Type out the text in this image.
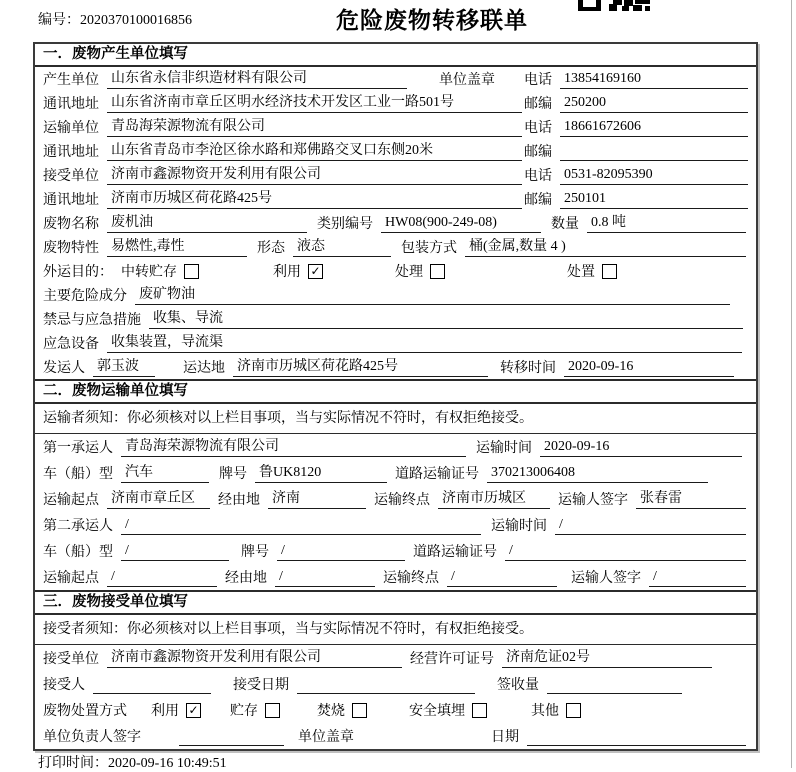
编号：2020370100016856	危险废物转移联单
一．废物产生单位填写
产生单位 山东省永信非织造材料有限公司	单位盖章 电话 13854169160
通讯地址 山东省济南市章丘区明水经济技术开发区工业一路501号	邮编 250200
运输单位 青岛海荣源物流有限公司	电话 18661672606
通讯地址 山东省青岛市李沧区徐水路和郑佛路交叉口东侧20米	邮编
接受单位 济南市鑫源物资开发利用有限公司	电话 0531-82095390
通讯地址 济南市历城区荷花路425号	邮编 250101
废物名称 废机油	类别编号 HW08(900-249-08)	数量 0.8 吨
废物特性 易燃性,毒性	形态 液态	包装方式 桶(金属,数量 4 )
外运目的： 中转贮存	利用 ✓	处理	处置
主要危险成分 废矿物油
禁忌与应急措施 收集、导流
应急设备 收集装置，导流渠
发运人 郭玉波	运达地 济南市历城区荷花路425号	转移时间 2020-09-16
二．废物运输单位填写
运输者须知：你必须核对以上栏目事项，当与实际情况不符时，有权拒绝接受。
第一承运人 青岛海荣源物流有限公司	运输时间 2020-09-16
车（船）型 汽车	牌号 鲁UK8120	道路运输证号 370213006408
运输起点 济南市章丘区	经由地 济南	运输终点 济南市历城区	运输人签字 张春雷
第二承运人 /	运输时间 /
车（船）型 /	牌号 /	道路运输证号 /
运输起点 /	经由地 /	运输终点 /	运输人签字 /
三．废物接受单位填写
接受者须知：你必须核对以上栏目事项，当与实际情况不符时，有权拒绝接受。
接受单位 济南市鑫源物资开发利用有限公司	经营许可证号 济南危证02号
接受人	接受日期	签收量
废物处置方式 利用 ✓ 贮存	焚烧	安全填埋	其他
单位负责人签字	单位盖章	日期
打印时间：2020-09-16 10:49:51
